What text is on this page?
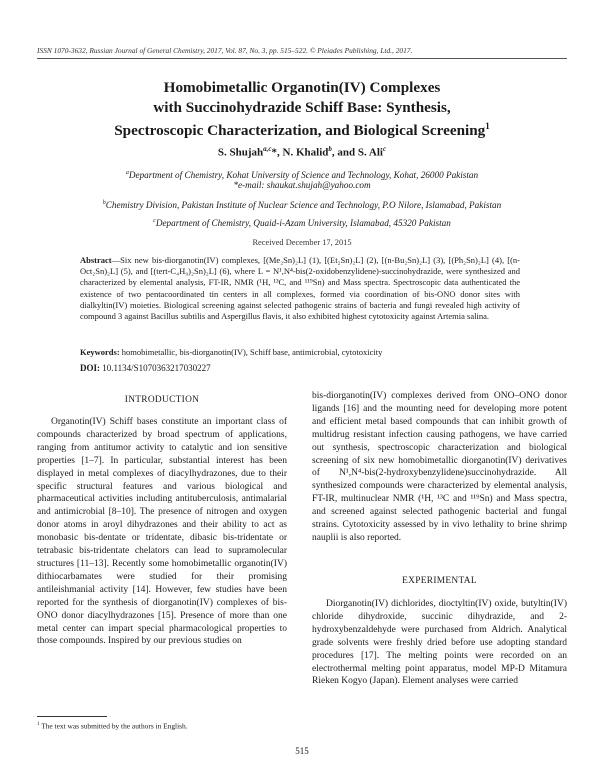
ISSN 1070-3632, Russian Journal of General Chemistry, 2017, Vol. 87, No. 3, pp. 515–522. © Pleiades Publishing, Ltd., 2017.
Homobimetallic Organotin(IV) Complexes
with Succinohydrazide Schiff Base: Synthesis,
Spectroscopic Characterization, and Biological Screening$^1$
S. Shujah$^{a,c}$*, N. Khalid$^b$, and S. Ali$^c$
$^a$Department of Chemistry, Kohat University of Science and Technology, Kohat, 26000 Pakistan
*e-mail: shaukat.shujah@yahoo.com
$^b$Chemistry Division, Pakistan Institute of Nuclear Science and Technology, P.O Nilore, Islamabad, Pakistan
$^c$Department of Chemistry, Quaid-i-Azam University, Islamabad, 45320 Pakistan
Received December 17, 2015

Abstract—Six new bis-diorganotin(IV) complexes, [(Me₂Sn)₂L] (1), [(Et₂Sn)₂L] (2), [(n-Bu₂Sn)₂L] (3), [(Ph₂Sn)₂L] (4), [(n-Oct₂Sn)₂L] (5), and [(tert-C₄H₉)₂Sn)₂L] (6), where L = N¹,N⁴-bis(2-oxidobenzylidene)-succinohydrazide, were synthesized and characterized by elemental analysis, FT-IR, NMR (¹H, ¹³C, and ¹¹⁹Sn) and Mass spectra. Spectroscopic data authenticated the existence of two pentacoordinated tin centers in all complexes, formed via coordination of bis-ONO donor sites with dialkyltin(IV) moieties. Biological screening against selected pathogenic strains of bacteria and fungi revealed high activity of compound 3 against Bacillus subtilis and Aspergillus flavis, it also exhibited highest cytotoxicity against Artemia salina.

Keywords: homobimetallic, bis-diorganotin(IV), Schiff base, antimicrobial, cytotoxicity

DOI: 10.1134/S1070363217030227

INTRODUCTION

Organotin(IV) Schiff bases constitute an important class of compounds characterized by broad spectrum of applications, ranging from antitumor activity to catalytic and ion sensitive properties [1–7]. In particular, substantial interest has been displayed in metal complexes of diacylhydrazones, due to their specific structural features and various biological and pharmaceutical activities including antituberculosis, antimalarial and antimicrobial [8–10]. The presence of nitrogen and oxygen donor atoms in aroyl dihydrazones and their ability to act as monobasic bis-dentate or tridentate, dibasic bis-tridentate or tetrabasic bis-tridentate chelators can lead to supramolecular structures [11–13]. Recently some homobimetallic organotin(IV) dithiocarbamates were studied for their promising antileishmanial activity [14]. However, few studies have been reported for the synthesis of diorganotin(IV) complexes of bis-ONO donor diacylhydrazones [15]. Presence of more than one metal center can impart special pharmacological properties to those compounds. Inspired by our previous studies on

bis-diorganotin(IV) complexes derived from ONO–ONO donor ligands [16] and the mounting need for developing more potent and efficient metal based compounds that can inhibit growth of multidrug resistant infection causing pathogens, we have carried out synthesis, spectroscopic characterization and biological screening of six new homobimetallic diorganotin(IV) derivatives of N¹,N⁴-bis(2-hydroxybenzylidene)succinohydrazide. All synthesized compounds were characterized by elemental analysis, FT-IR, multinuclear NMR (¹H, ¹³C and ¹¹⁹Sn) and Mass spectra, and screened against selected pathogenic bacterial and fungal strains. Cytotoxicity assessed by in vivo lethality to brine shrimp nauplii is also reported.

EXPERIMENTAL

Diorganotin(IV) dichlorides, dioctyltin(IV) oxide, butyltin(IV) chloride dihydroxide, succinic dihydrazide, and 2-hydroxybenzaldehyde were purchased from Aldrich. Analytical grade solvents were freshly dried before use adopting standard procedures [17]. The melting points were recorded on an electrothermal melting point apparatus, model MP-D Mitamura Rieken Kogyo (Japan). Element analyses were carried

$^1$ The text was submitted by the authors in English.
515
